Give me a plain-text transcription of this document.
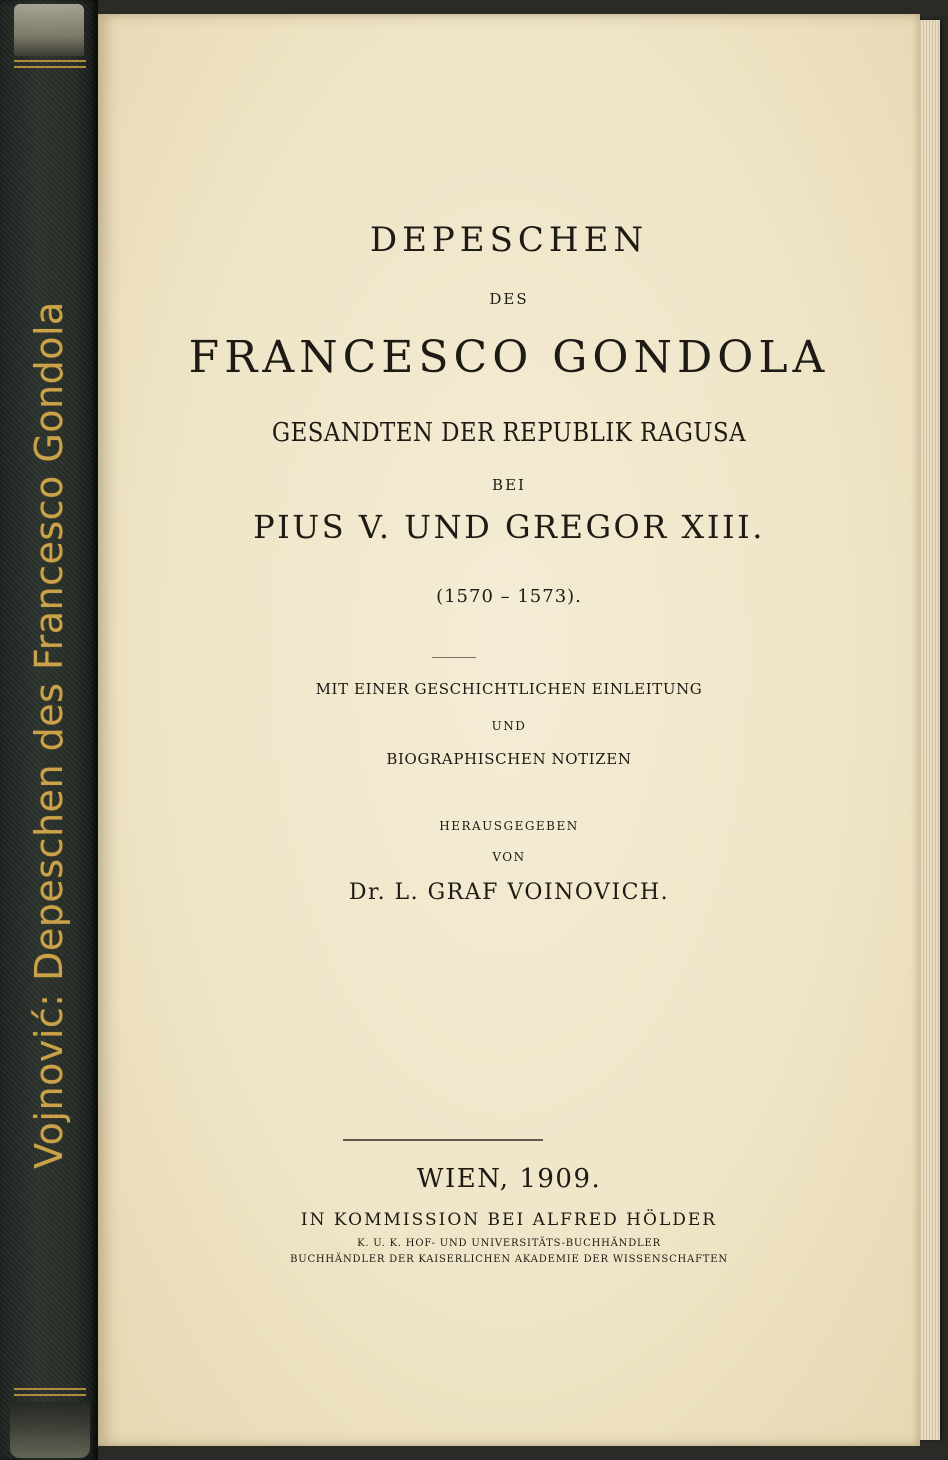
Vojnović: Depeschen des Francesco Gondola
DEPESCHEN
DES
FRANCESCO GONDOLA
GESANDTEN DER REPUBLIK RAGUSA
BEI
PIUS V. UND GREGOR XIII.
(1570 – 1573).
MIT EINER GESCHICHTLICHEN EINLEITUNG
UND
BIOGRAPHISCHEN NOTIZEN
HERAUSGEGEBEN
VON
Dr. L. GRAF VOINOVICH.
WIEN, 1909.
IN KOMMISSION BEI ALFRED HÖLDER
K. U. K. HOF- UND UNIVERSITÄTS-BUCHHÄNDLER
BUCHHÄNDLER DER KAISERLICHEN AKADEMIE DER WISSENSCHAFTEN
